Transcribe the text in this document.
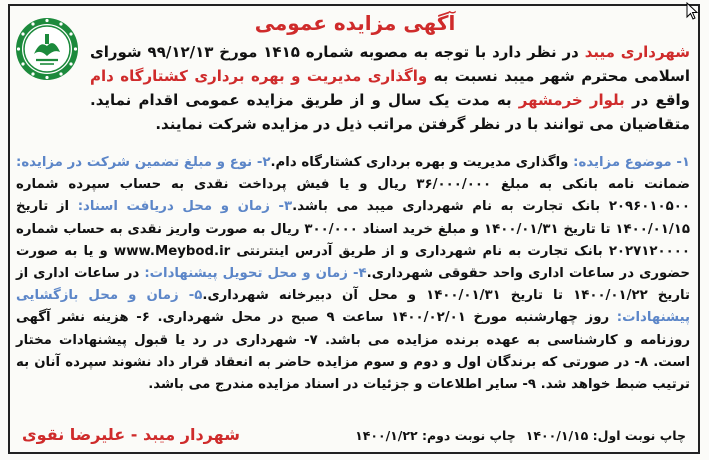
آگهی مزایده عمومی
شهرداری میبد در نظر دارد با توجه به مصوبه شماره ۱۴۱۵ مورخ ۹۹/۱۲/۱۳ شورای اسلامی محترم شهر میبد نسبت به واگذاری مدیریت و بهره برداری کشتارگاه دام واقع در بلوار خرمشهر به مدت یک سال و از طریق مزایده عمومی اقدام نماید. متقاضیان می توانند با در نظر گرفتن مراتب ذیل در مزایده شرکت نمایند.
۱- موضوع مزایده: واگذاری مدیریت و بهره برداری کشتارگاه دام.۲- نوع و مبلغ تضمین شرکت در مزایده: ضمانت نامه بانکی به مبلغ ۳۶/۰۰۰/۰۰۰ ریال و یا فیش پرداخت نقدی به حساب سپرده شماره ۲۰۹۶۰۱۰۵۰۰ بانک تجارت به نام شهرداری میبد می باشد.۳- زمان و محل دریافت اسناد: از تاریخ ۱۴۰۰/۰۱/۱۵ تا تاریخ ۱۴۰۰/۰۱/۳۱ و مبلغ خرید اسناد ۳۰۰/۰۰۰ ریال به صورت واریز نقدی به حساب شماره ۲۰۲۷۱۲۰۰۰۰ بانک تجارت به نام شهرداری و از طریق آدرس اینترنتی www.Meybod.ir و یا به صورت حضوری در ساعات اداری واحد حقوقی شهرداری.۴- زمان و محل تحویل پیشنهادات: در ساعات اداری از تاریخ ۱۴۰۰/۰۱/۲۲ تا تاریخ ۱۴۰۰/۰۱/۳۱ و محل آن دبیرخانه شهرداری.۵- زمان و محل بازگشایی پیشنهادات: روز چهارشنبه مورخ ۱۴۰۰/۰۲/۰۱ ساعت ۹ صبح در محل شهرداری. ۶- هزینه نشر آگهی روزنامه و کارشناسی به عهده برنده مزایده می باشد. ۷- شهرداری در رد یا قبول پیشنهادات مختار است. ۸- در صورتی که برندگان اول و دوم و سوم مزایده حاضر به انعقاد قرار داد نشوند سپرده آنان به ترتیب ضبط خواهد شد. ۹- سایر اطلاعات و جزئیات در اسناد مزایده مندرج می باشد.
چاپ نوبت اول: ۱۴۰۰/۱/۱۵چاپ نوبت دوم: ۱۴۰۰/۱/۲۲
شهردار میبد - علیرضا نقوی
